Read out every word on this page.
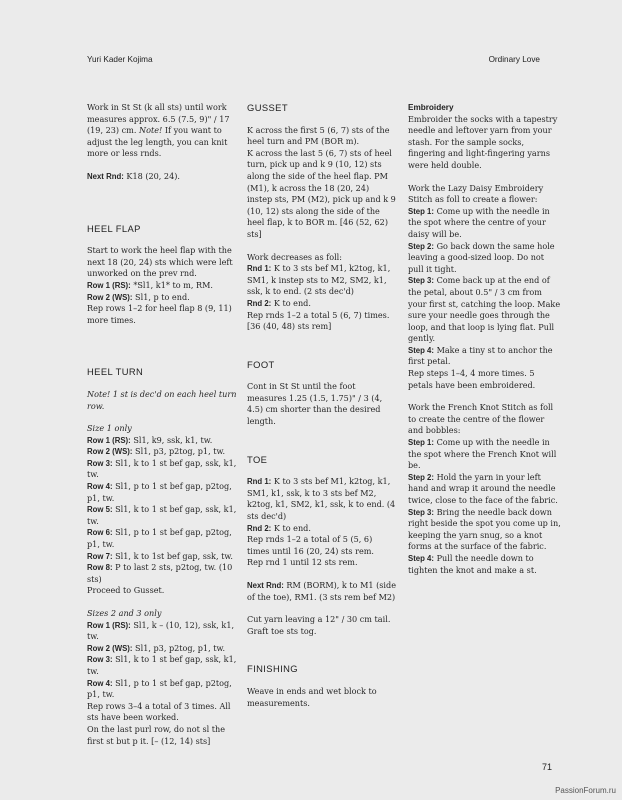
Yuri Kader Kojima	Ordinary Love

Work in St St (k all sts) until work measures approx. 6.5 (7.5, 9)" / 17 (19, 23) cm. Note! If you want to adjust the leg length, you can knit more or less rnds.

Next Rnd: K18 (20, 24).

HEEL FLAP

Start to work the heel flap with the next 18 (20, 24) sts which were left unworked on the prev rnd.

Row 1 (RS): *Sl1, k1* to m, RM.

Row 2 (WS): Sl1, p to end.

Rep rows 1–2 for heel flap 8 (9, 11) more times.

HEEL TURN

Note! 1 st is dec'd on each heel turn row.

Size 1 only

Row 1 (RS): Sl1, k9, ssk, k1, tw.

Row 2 (WS): Sl1, p3, p2tog, p1, tw.

Row 3: Sl1, k to 1 st bef gap, ssk, k1, tw.

Row 4: Sl1, p to 1 st bef gap, p2tog, p1, tw.

Row 5: Sl1, k to 1 st bef gap, ssk, k1, tw.

Row 6: Sl1, p to 1 st bef gap, p2tog, p1, tw.

Row 7: Sl1, k to 1st bef gap, ssk, tw.

Row 8: P to last 2 sts, p2tog, tw. (10 sts)

Proceed to Gusset.

Sizes 2 and 3 only

Row 1 (RS): Sl1, k – (10, 12), ssk, k1, tw.

Row 2 (WS): Sl1, p3, p2tog, p1, tw.

Row 3: Sl1, k to 1 st bef gap, ssk, k1, tw.

Row 4: Sl1, p to 1 st bef gap, p2tog, p1, tw.

Rep rows 3–4 a total of 3 times. All sts have been worked.

On the last purl row, do not sl the first st but p it. [– (12, 14) sts]

GUSSET

K across the first 5 (6, 7) sts of the heel turn and PM (BOR m).

K across the last 5 (6, 7) sts of heel turn, pick up and k 9 (10, 12) sts along the side of the heel flap. PM (M1), k across the 18 (20, 24) instep sts, PM (M2), pick up and k 9 (10, 12) sts along the side of the heel flap, k to BOR m. [46 (52, 62) sts]

Work decreases as foll:

Rnd 1: K to 3 sts bef M1, k2tog, k1, SM1, k instep sts to M2, SM2, k1, ssk, k to end. (2 sts dec'd)

Rnd 2: K to end.

Rep rnds 1–2 a total 5 (6, 7) times. [36 (40, 48) sts rem]

FOOT

Cont in St St until the foot measures 1.25 (1.5, 1.75)" / 3 (4, 4.5) cm shorter than the desired length.

TOE

Rnd 1: K to 3 sts bef M1, k2tog, k1, SM1, k1, ssk, k to 3 sts bef M2, k2tog, k1, SM2, k1, ssk, k to end. (4 sts dec'd)

Rnd 2: K to end.

Rep rnds 1–2 a total of 5 (5, 6) times until 16 (20, 24) sts rem.

Rep rnd 1 until 12 sts rem.

Next Rnd: RM (BORM), k to M1 (side of the toe), RM1. (3 sts rem bef M2)

Cut yarn leaving a 12" / 30 cm tail. Graft toe sts tog.

FINISHING

Weave in ends and wet block to measurements.

Embroidery

Embroider the socks with a tapestry needle and leftover yarn from your stash. For the sample socks, fingering and light-fingering yarns were held double.

Work the Lazy Daisy Embroidery Stitch as foll to create a flower:

Step 1: Come up with the needle in the spot where the centre of your daisy will be.

Step 2: Go back down the same hole leaving a good-sized loop. Do not pull it tight.

Step 3: Come back up at the end of the petal, about 0.5" / 3 cm from your first st, catching the loop. Make sure your needle goes through the loop, and that loop is lying flat. Pull gently.

Step 4: Make a tiny st to anchor the first petal.

Rep steps 1–4, 4 more times. 5 petals have been embroidered.

Work the French Knot Stitch as foll to create the centre of the flower and bobbles:

Step 1: Come up with the needle in the spot where the French Knot will be.

Step 2: Hold the yarn in your left hand and wrap it around the needle twice, close to the face of the fabric.

Step 3: Bring the needle back down right beside the spot you come up in, keeping the yarn snug, so a knot forms at the surface of the fabric.

Step 4: Pull the needle down to tighten the knot and make a st.

71
PassionForum.ru
